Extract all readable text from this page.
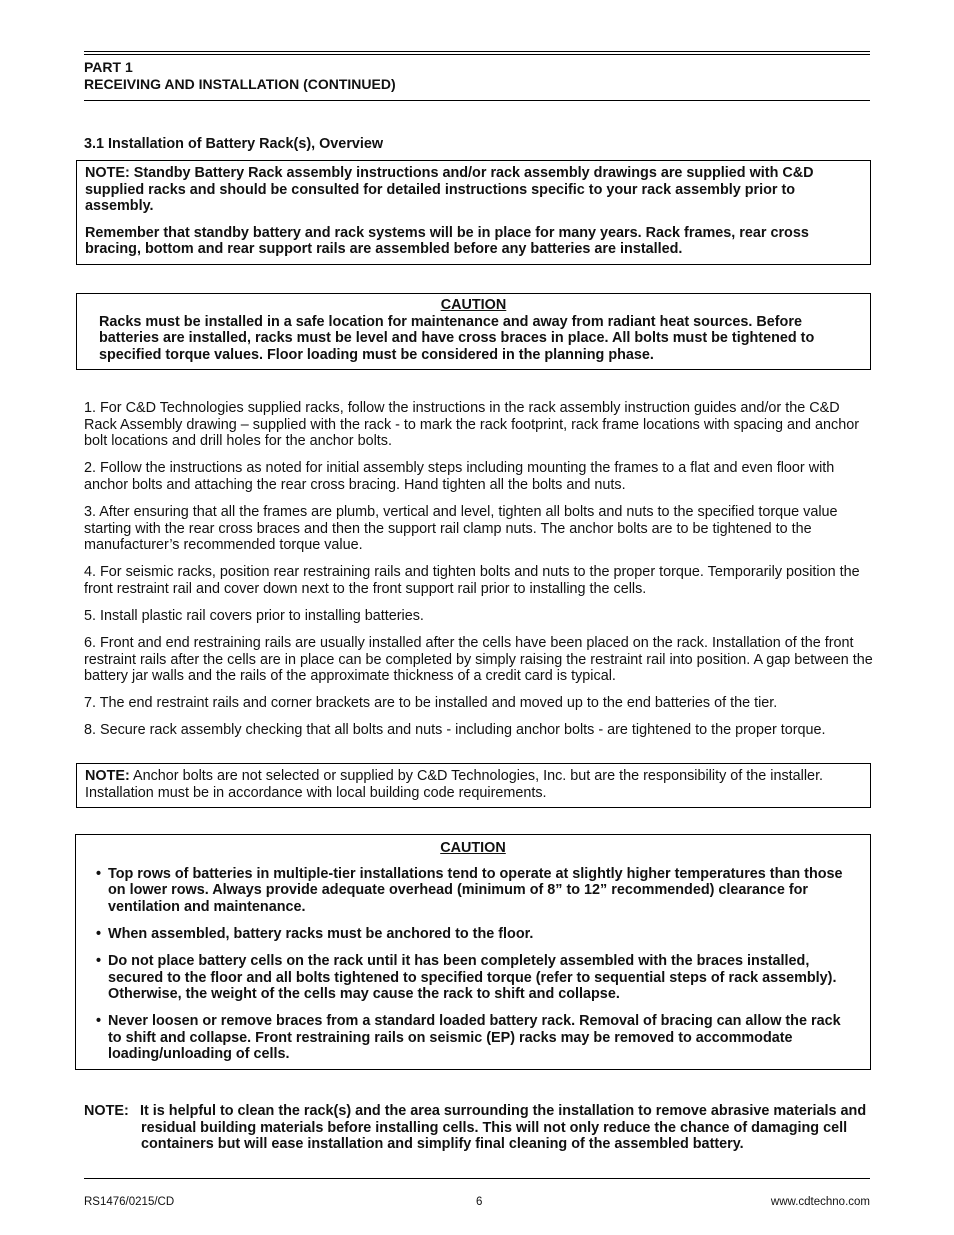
PART 1
RECEIVING AND INSTALLATION (CONTINUED)
3.1 Installation of Battery Rack(s), Overview

NOTE: Standby Battery Rack assembly instructions and/or rack assembly drawings are supplied with C&D supplied racks and should be consulted for detailed instructions specific to your rack assembly prior to assembly.

Remember that standby battery and rack systems will be in place for many years. Rack frames, rear cross bracing, bottom and rear support rails are assembled before any batteries are installed.

CAUTION

Racks must be installed in a safe location for maintenance and away from radiant heat sources. Before batteries are installed, racks must be level and have cross braces in place. All bolts must be tightened to specified torque values. Floor loading must be considered in the planning phase.

1. For C&D Technologies supplied racks, follow the instructions in the rack assembly instruction guides and/or the C&D Rack Assembly drawing – supplied with the rack - to mark the rack footprint, rack frame locations with spacing and anchor bolt locations and drill holes for the anchor bolts.

2. Follow the instructions as noted for initial assembly steps including mounting the frames to a flat and even floor with anchor bolts and attaching the rear cross bracing. Hand tighten all the bolts and nuts.

3. After ensuring that all the frames are plumb, vertical and level, tighten all bolts and nuts to the specified torque value starting with the rear cross braces and then the support rail clamp nuts. The anchor bolts are to be tightened to the manufacturer’s recommended torque value.

4. For seismic racks, position rear restraining rails and tighten bolts and nuts to the proper torque. Temporarily position the front restraint rail and cover down next to the front support rail prior to installing the cells.

5. Install plastic rail covers prior to installing batteries.

6. Front and end restraining rails are usually installed after the cells have been placed on the rack. Installation of the front restraint rails after the cells are in place can be completed by simply raising the restraint rail into position. A gap between the battery jar walls and the rails of the approximate thickness of a credit card is typical.

7. The end restraint rails and corner brackets are to be installed and moved up to the end batteries of the tier.

8. Secure rack assembly checking that all bolts and nuts - including anchor bolts - are tightened to the proper torque.

NOTE: Anchor bolts are not selected or supplied by C&D Technologies, Inc. but are the responsibility of the installer. Installation must be in accordance with local building code requirements.

CAUTION
• Top rows of batteries in multiple-tier installations tend to operate at slightly higher temperatures than those on lower rows. Always provide adequate overhead (minimum of 8” to 12” recommended) clearance for ventilation and maintenance.
• When assembled, battery racks must be anchored to the floor.
• Do not place battery cells on the rack until it has been completely assembled with the braces installed, secured to the floor and all bolts tightened to specified torque (refer to sequential steps of rack assembly). Otherwise, the weight of the cells may cause the rack to shift and collapse.
• Never loosen or remove braces from a standard loaded battery rack. Removal of bracing can allow the rack to shift and collapse. Front restraining rails on seismic (EP) racks may be removed to accommodate loading/unloading of cells.
NOTE: It is helpful to clean the rack(s) and the area surrounding the installation to remove abrasive materials and residual building materials before installing cells. This will not only reduce the chance of damaging cell containers but will ease installation and simplify final cleaning of the assembled battery.
RS1476/0215/CD	6	www.cdtechno.com
